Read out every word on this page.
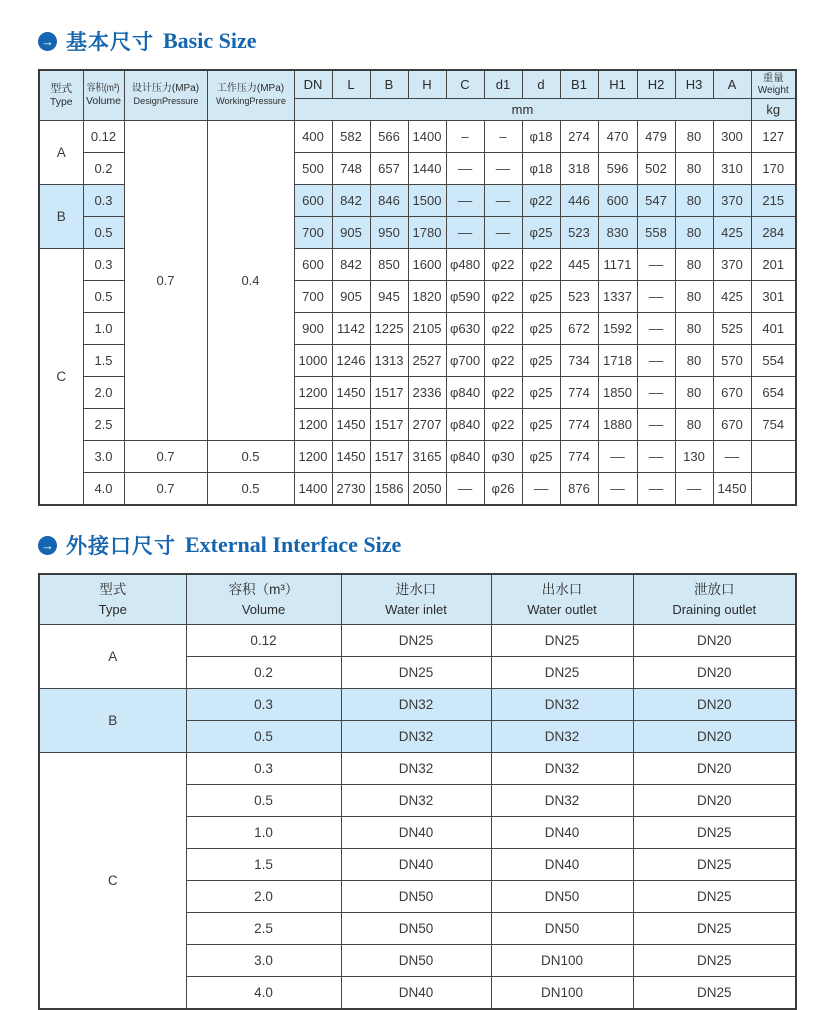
→ 基本尺寸 Basic Size
型式
Type	容积(m³)
Volume	设计压力(MPa)
DesignPressure	工作压力(MPa)
WorkingPressure	DN	L	B	H	C	d1	d	B1	H1	H2	H3	A	重量
Weight

				mm												kg
A	0.12	0.7	0.4	400	582	566	1400	–	–	φ18	274	470	479	80	300	127
	0.2			500	748	657	1440	––	––	φ18	318	596	502	80	310	170
B	0.3			600	842	846	1500	––	––	φ22	446	600	547	80	370	215
	0.5			700	905	950	1780	––	––	φ25	523	830	558	80	425	284
C	0.3			600	842	850	1600	φ480	φ22	φ22	445	1171	––	80	370	201
	0.5			700	905	945	1820	φ590	φ22	φ25	523	1337	––	80	425	301
	1.0			900	1142	1225	2105	φ630	φ22	φ25	672	1592	––	80	525	401
	1.5			1000	1246	1313	2527	φ700	φ22	φ25	734	1718	––	80	570	554
	2.0			1200	1450	1517	2336	φ840	φ22	φ25	774	1850	––	80	670	654
	2.5			1200	1450	1517	2707	φ840	φ22	φ25	774	1880	––	80	670	754
	3.0	0.7	0.5	1200	1450	1517	3165	φ840	φ30	φ25	774	––	––	130	––	
	4.0	0.7	0.5	1400	2730	1586	2050	––	φ26	––	876	––	––	––	1450	
→ 外接口尺寸 External Interface Size
型式
Type	容积（m³）
Volume	进水口
Water inlet	出水口
Water outlet	泄放口
Draining outlet

A	0.12	DN25	DN25	DN20
	0.2	DN25	DN25	DN20
B	0.3	DN32	DN32	DN20
	0.5	DN32	DN32	DN20
C	0.3	DN32	DN32	DN20
	0.5	DN32	DN32	DN20
	1.0	DN40	DN40	DN25
	1.5	DN40	DN40	DN25
	2.0	DN50	DN50	DN25
	2.5	DN50	DN50	DN25
	3.0	DN50	DN100	DN25
	4.0	DN40	DN100	DN25
